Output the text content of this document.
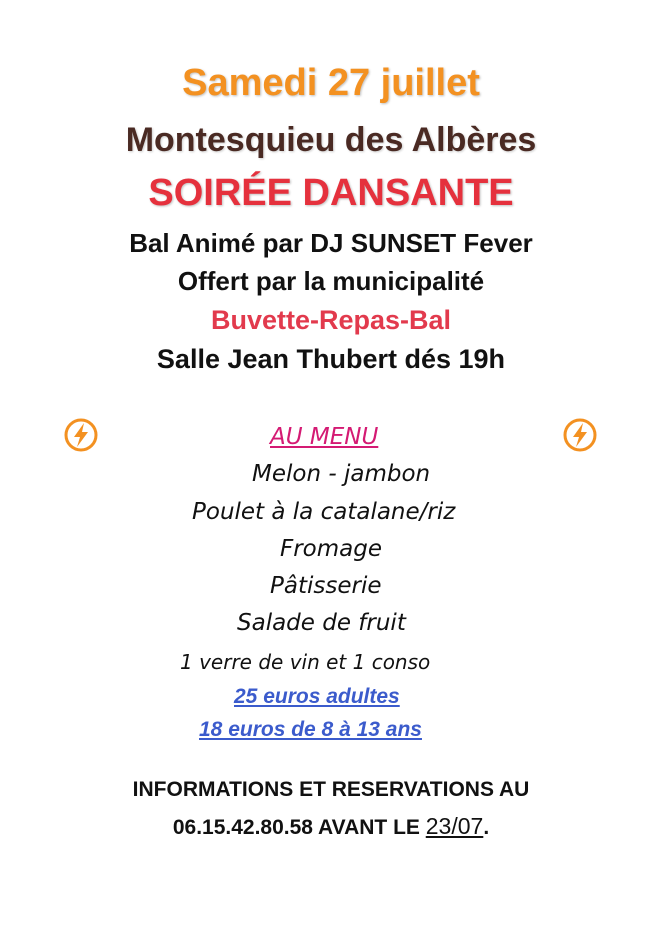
Samedi 27 juillet
Montesquieu des Albères
SOIRÉE DANSANTE
Bal Animé par DJ SUNSET Fever
Offert par la municipalité
Buvette-Repas-Bal
Salle Jean Thubert dés 19h
AU MENU
Melon - jambon
Poulet à la catalane/riz
Fromage
Pâtisserie
Salade de fruit
1 verre de vin et 1 conso
25 euros adultes
18 euros de 8 à 13 ans
INFORMATIONS ET RESERVATIONS AU
06.15.42.80.58 AVANT LE 23/07.
